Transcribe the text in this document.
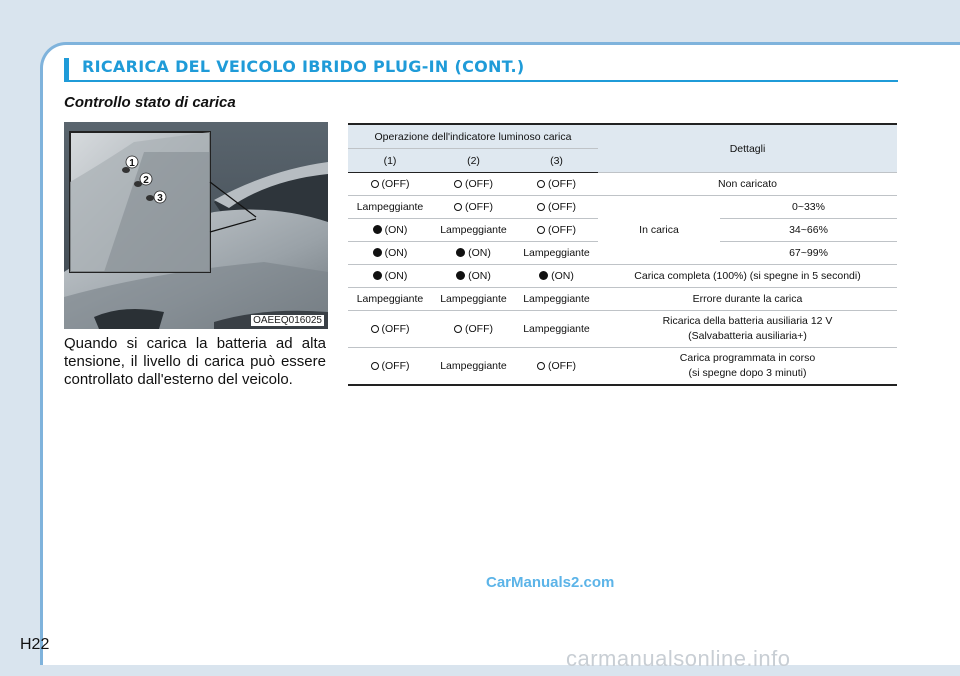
RICARICA DEL VEICOLO IBRIDO PLUG-IN (CONT.)
Controllo stato di carica
1
2
3
OAEEQ016025
Quando si carica la batteria ad alta tensione, il livello di carica può essere controllato dall'esterno del veicolo.
Operazione dell'indicatore luminoso carica			Dettagli	
(1)	(2)	(3)		
(OFF)	(OFF)	(OFF)	Non caricato	

Lampeggiante	(OFF)	(OFF)	In carica	0~33%
(ON)	Lampeggiante	(OFF)		34~66%
(ON)	(ON)	Lampeggiante		67~99%
(ON)	(ON)	(ON)	Carica completa (100%) (si spegne in 5 secondi)	

Lampeggiante	Lampeggiante	Lampeggiante	Errore durante la carica	

(OFF)	(OFF)	Lampeggiante	Ricarica della batteria ausiliaria 12 V
(Salvabatteria ausiliaria+)	

(OFF)	Lampeggiante	(OFF)	Carica programmata in corso
(si spegne dopo 3 minuti)	
CarManuals2.com
H22
carmanualsonline.info
